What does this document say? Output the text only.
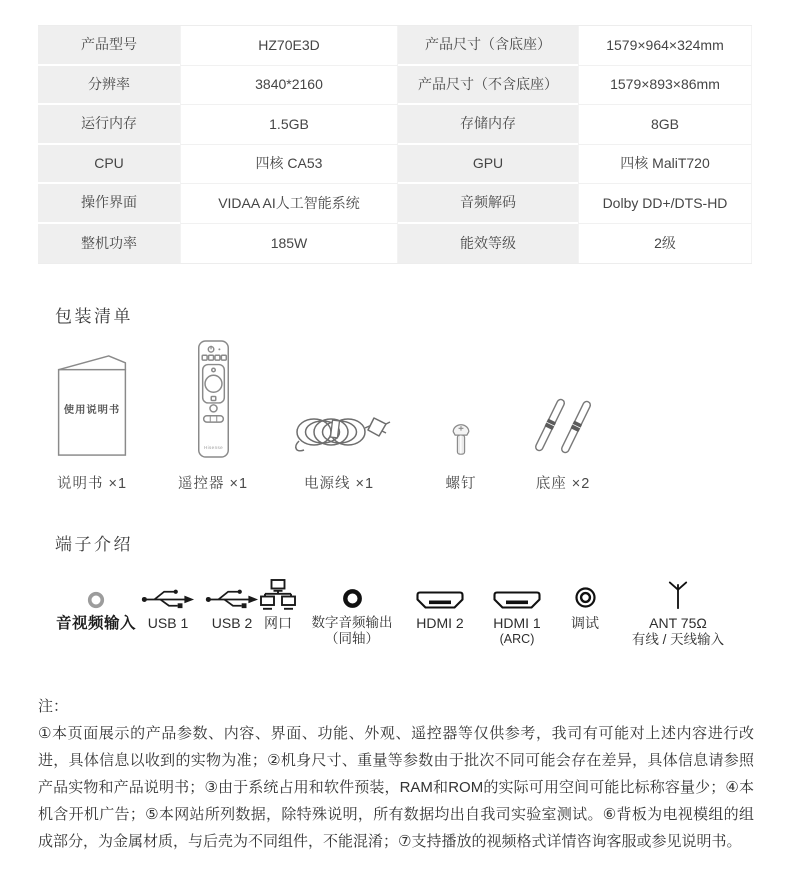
产品型号	HZ70E3D	产品尺寸（含底座）	1579×964×324mm
分辨率	3840*2160	产品尺寸（不含底座）	1579×893×86mm
运行内存	1.5GB	存储内存	8GB
CPU	四核 CA53	GPU	四核 MaliT720
操作界面	VIDAA AI人工智能系统	音频解码	Dolby DD+/DTS-HD
整机功率	185W	能效等级	2级
包装清单
使用说明书
说明书 ×1
Hisense
遥控器 ×1	电源线 ×1	螺钉	底座 ×2
端子介绍
音视频输入 USB 1 USB 2 网口 数字音频输出
（同轴）
HDMI 2 HDMI 1
(ARC)
调试	ANT 75Ω
有线 / 天线输入
注：
①本页面展示的产品参数、内容、界面、功能、外观、遥控器等仅供参考，我司有可能对上述内容进行改进，具体信息以收到的实物为准；②机身尺寸、重量等参数由于批次不同可能会存在差异，具体信息请参照产品实物和产品说明书；③由于系统占用和软件预装，RAM和ROM的实际可用空间可能比标称容量少；④本机含开机广告；⑤本网站所列数据，除特殊说明，所有数据均出自我司实验室测试。⑥背板为电视模组的组成部分，为金属材质，与后壳为不同组件，不能混淆；⑦支持播放的视频格式详情咨询客服或参见说明书。
